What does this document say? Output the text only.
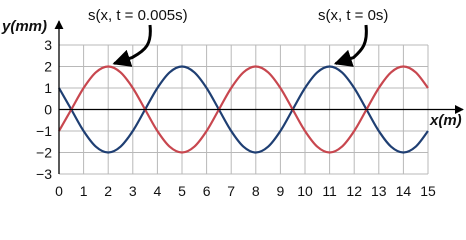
0 1 2 3 4 5 6 7 8 9 10 11 12 13 14 15
3
2
1
0
−1
−2
−3
y(mm)
x(m)
s(x, t = 0.005s)	s(x, t = 0s)
